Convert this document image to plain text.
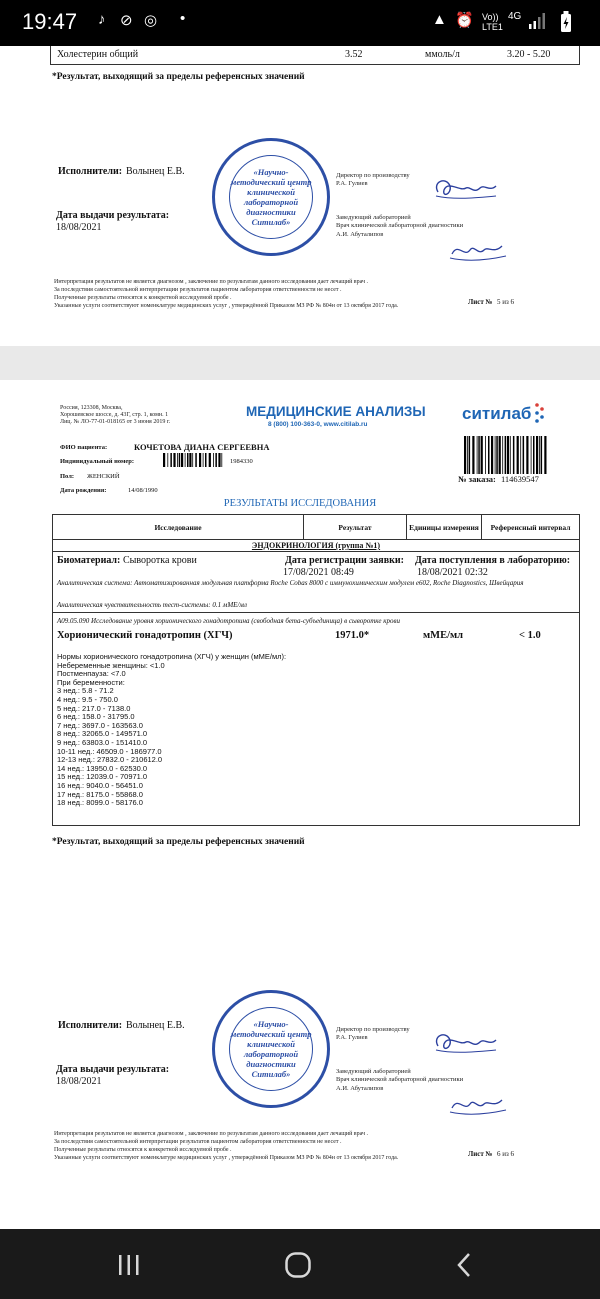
19:47 ♪ ⊘ ◎ •	▲ ⏰ Vo)) LTE1
4G
Холестерин общий	3.52	ммоль/л	3.20 - 5.20
*Результат, выходящий за пределы референсных значений
Исполнители: Волынец Е.В.
Дата выдачи результата:
18/08/2021
«Научно-методический центр клинической лабораторной диагностики Ситилаб»
Директор по производству
Р.А. Гулиев
Заведующий лабораторией
Врач клинической лабораторной диагностики
А.И. Абуталипов
Интерпретация результатов не является диагнозом , заключение по результатам данного исследования дает лечащий врач .
За последствия самостоятельной интерпретации результатов пациентом лаборатория ответственности не несет .
Полученные результаты относятся к конкретной исследуемой пробе .
Указанные услуги соответствуют номенклатуре медицинских услуг , утверждённой Приказом МЗ РФ № 804н от 13 октября 2017 года.	Лист № 5 из 6
Россия, 123308, Москва,
Хорошевское шоссе, д. 43Г, стр. 1, комн. 1
Лиц. № ЛО-77-01-018165 от 3 июня 2019 г.
МЕДИЦИНСКИЕ АНАЛИЗЫ
8 (800) 100-363-0, www.citilab.ru
ситилаб
ФИО пациента:	КОЧЕТОВА ДИАНА СЕРГЕЕВНА
Индивидуальный номер:	1984330
Пол: ЖЕНСКИЙ
Дата рождения:	14/08/1990
№ заказа: 114639547
РЕЗУЛЬТАТЫ ИССЛЕДОВАНИЯ
Исследование	Результат	Единицы измерения	Референсный интервал
ЭНДОКРИНОЛОГИЯ (группа №1)
Биоматериал: Сыворотка крови	Дата регистрации заявки:
17/08/2021 08:49
Дата поступления в лабораторию:
18/08/2021 02:32
Аналитическая система: Автоматизированная модульная платформа Roche Cobas 8000 с иммунохимическим модулем e602, Roche Diagnostics, Швейцария
Аналитическая чувствительность тест-системы: 0.1 мМЕ/мл
A09.05.090 Исследование уровня хорионического гонадотропина (свободная бета-субъединица) в сыворотке крови
Хорионический гонадотропин (ХГЧ)	1971.0*	мМЕ/мл	< 1.0
Нормы хорионического гонадотропина (ХГЧ) у женщин (мМЕ/мл):
Небеременные женщины: <1.0
Постменпауза: <7.0
При беременности:
3 нед.: 5.8 - 71.2
4 нед.: 9.5 - 750.0
5 нед.: 217.0 - 7138.0
6 нед.: 158.0 - 31795.0
7 нед.: 3697.0 - 163563.0
8 нед.: 32065.0 - 149571.0
9 нед.: 63803.0 - 151410.0
10-11 нед.: 46509.0 - 186977.0
12-13 нед.: 27832.0 - 210612.0
14 нед.: 13950.0 - 62530.0
15 нед.: 12039.0 - 70971.0
16 нед.: 9040.0 - 56451.0
17 нед.: 8175.0 - 55868.0
18 нед.: 8099.0 - 58176.0
*Результат, выходящий за пределы референсных значений
Исполнители: Волынец Е.В.
Дата выдачи результата:
18/08/2021
«Научно-методический центр клинической лабораторной диагностики Ситилаб»
Директор по производству
Р.А. Гулиев
Заведующий лабораторией
Врач клинической лабораторной диагностики
А.И. Абуталипов
Интерпретация результатов не является диагнозом , заключение по результатам данного исследования дает лечащий врач .
За последствия самостоятельной интерпретации результатов пациентом лаборатория ответственности не несет .
Полученные результаты относятся к конкретной исследуемой пробе .
Указанные услуги соответствуют номенклатуре медицинских услуг , утверждённой Приказом МЗ РФ № 804н от 13 октября 2017 года.	Лист № 6 из 6
